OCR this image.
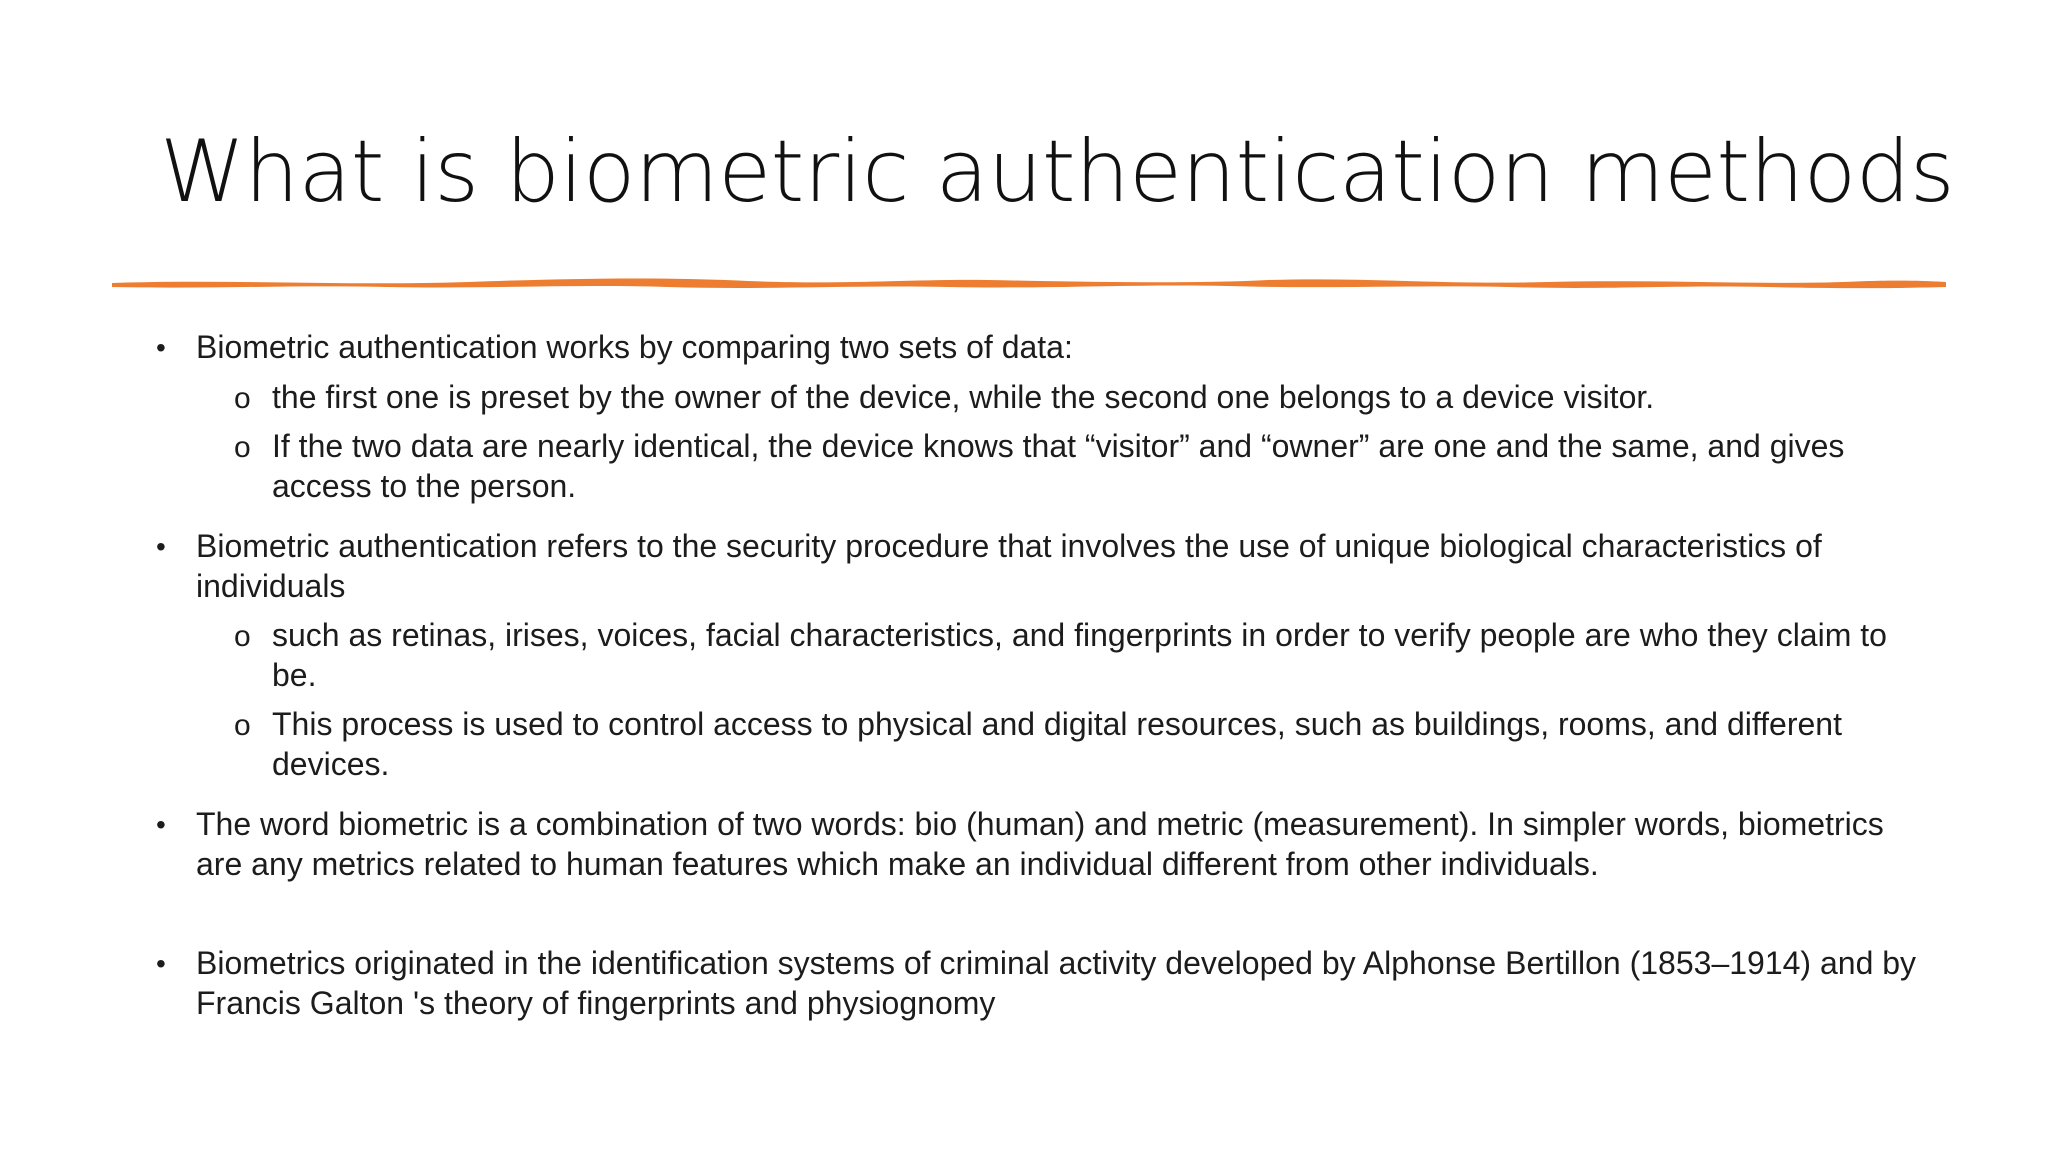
What is biometric authentication methods
• Biometric authentication works by comparing two sets of data:
o the first one is preset by the owner of the device, while the second one belongs to a device visitor.
o If the two data are nearly identical, the device knows that “visitor” and “owner” are one and the same, and gives access to the person.
• Biometric authentication refers to the security procedure that involves the use of unique biological characteristics of individuals
o such as retinas, irises, voices, facial characteristics, and fingerprints in order to verify people are who they claim to be.
o This process is used to control access to physical and digital resources, such as buildings, rooms, and different devices.
• The word biometric is a combination of two words: bio (human) and metric (measurement). In simpler words, biometrics are any metrics related to human features which make an individual different from other individuals.
• Biometrics originated in the identification systems of criminal activity developed by Alphonse Bertillon (1853–1914) and by Francis Galton 's theory of fingerprints and physiognomy
